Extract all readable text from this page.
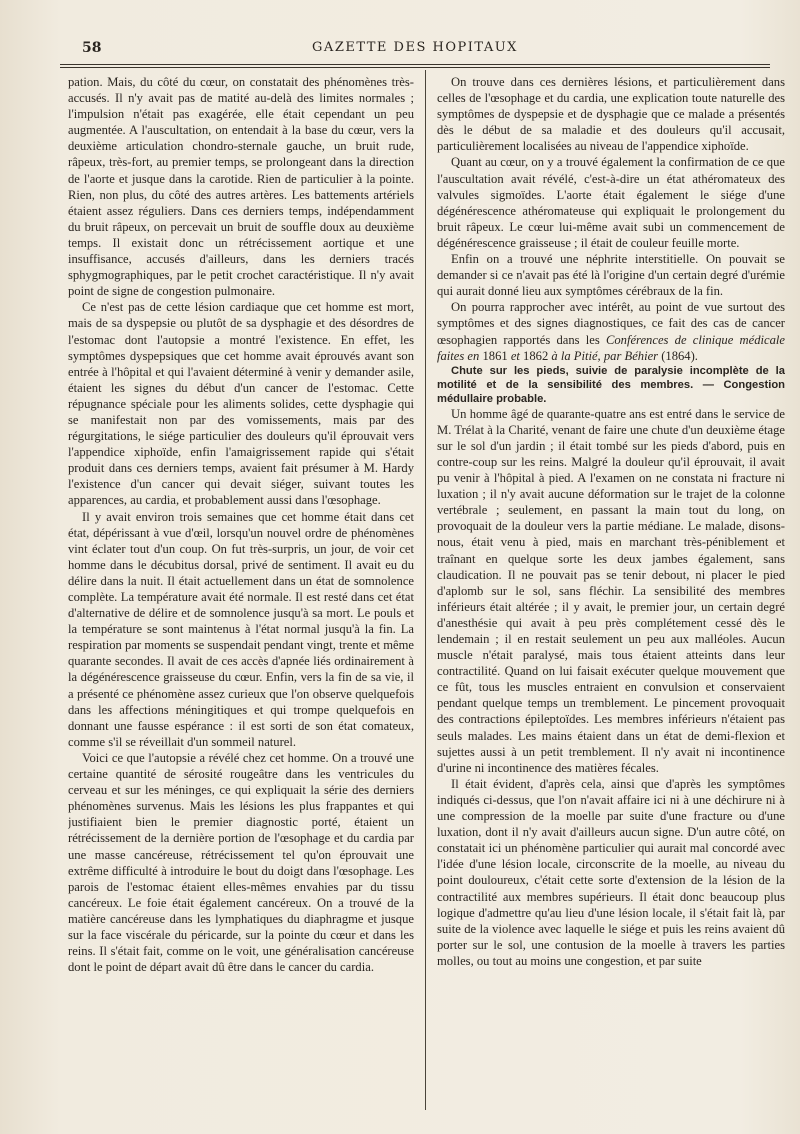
58	GAZETTE DES HOPITAUX

pation. Mais, du côté du cœur, on constatait des phénomènes très-accusés. Il n'y avait pas de matité au-delà des limites normales ; l'impulsion n'était pas exagérée, elle était cependant un peu augmentée. A l'auscultation, on entendait à la base du cœur, vers la deuxième articulation chondro-sternale gauche, un bruit rude, râpeux, très-fort, au premier temps, se prolongeant dans la direction de l'aorte et jusque dans la carotide. Rien de particulier à la pointe. Rien, non plus, du côté des autres artères. Les battements artériels étaient assez réguliers. Dans ces derniers temps, indépendamment du bruit râpeux, on percevait un bruit de souffle doux au deuxième temps. Il existait donc un rétrécissement aortique et une insuffisance, accusés d'ailleurs, dans les derniers tracés sphygmographiques, par le petit crochet caractéristique. Il n'y avait point de signe de congestion pulmonaire.

Ce n'est pas de cette lésion cardiaque que cet homme est mort, mais de sa dyspepsie ou plutôt de sa dysphagie et des désordres de l'estomac dont l'autopsie a montré l'existence. En effet, les symptômes dyspepsiques que cet homme avait éprouvés avant son entrée à l'hôpital et qui l'avaient déterminé à venir y demander asile, étaient les signes du début d'un cancer de l'estomac. Cette répugnance spéciale pour les aliments solides, cette dysphagie qui se manifestait non par des vomissements, mais par des régurgitations, le siége particulier des douleurs qu'il éprouvait vers l'appendice xiphoïde, enfin l'amaigrissement rapide qui s'était produit dans ces derniers temps, avaient fait présumer à M. Hardy l'existence d'un cancer qui devait siéger, suivant toutes les apparences, au cardia, et probablement aussi dans l'œsophage.

Il y avait environ trois semaines que cet homme était dans cet état, dépérissant à vue d'œil, lorsqu'un nouvel ordre de phénomènes vint éclater tout d'un coup. On fut très-surpris, un jour, de voir cet homme dans le décubitus dorsal, privé de sentiment. Il avait eu du délire dans la nuit. Il était actuellement dans un état de somnolence complète. La température avait été normale. Il est resté dans cet état d'alternative de délire et de somnolence jusqu'à sa mort. Le pouls et la température se sont maintenus à l'état normal jusqu'à la fin. La respiration par moments se suspendait pendant vingt, trente et même quarante secondes. Il avait de ces accès d'apnée liés ordinairement à la dégénérescence graisseuse du cœur. Enfin, vers la fin de sa vie, il a présenté ce phénomène assez curieux que l'on observe quelquefois dans les affections méningitiques et qui trompe quelquefois en donnant une fausse espérance : il est sorti de son état comateux, comme s'il se réveillait d'un sommeil naturel.

Voici ce que l'autopsie a révélé chez cet homme. On a trouvé une certaine quantité de sérosité rougeâtre dans les ventricules du cerveau et sur les méninges, ce qui expliquait la série des derniers phénomènes survenus. Mais les lésions les plus frappantes et qui justifiaient bien le premier diagnostic porté, étaient un rétrécissement de la dernière portion de l'œsophage et du cardia par une masse cancéreuse, rétrécissement tel qu'on éprouvait une extrême difficulté à introduire le bout du doigt dans l'œsophage. Les parois de l'estomac étaient elles-mêmes envahies par du tissu cancéreux. Le foie était également cancéreux. On a trouvé de la matière cancéreuse dans les lymphatiques du diaphragme et jusque sur la face viscérale du péricarde, sur la pointe du cœur et dans les reins. Il s'était fait, comme on le voit, une généralisation cancéreuse dont le point de départ avait dû être dans le cancer du cardia.

On trouve dans ces dernières lésions, et particulièrement dans celles de l'œsophage et du cardia, une explication toute naturelle des symptômes de dyspepsie et de dysphagie que ce malade a présentés dès le début de sa maladie et des douleurs qu'il accusait, particulièrement localisées au niveau de l'appendice xiphoïde.

Quant au cœur, on y a trouvé également la confirmation de ce que l'auscultation avait révélé, c'est-à-dire un état athéromateux des valvules sigmoïdes. L'aorte était également le siége d'une dégénérescence athéromateuse qui expliquait le prolongement du bruit râpeux. Le cœur lui-même avait subi un commencement de dégénérescence graisseuse ; il était de couleur feuille morte.

Enfin on a trouvé une néphrite interstitielle. On pouvait se demander si ce n'avait pas été là l'origine d'un certain degré d'urémie qui aurait donné lieu aux symptômes cérébraux de la fin.

On pourra rapprocher avec intérêt, au point de vue surtout des symptômes et des signes diagnostiques, ce fait des cas de cancer œsophagien rapportés dans les Conférences de clinique médicale faites en 1861 et 1862 à la Pitié, par Béhier (1864).

Chute sur les pieds, suivie de paralysie incomplète de la motilité et de la sensibilité des membres. — Congestion médullaire probable.

Un homme âgé de quarante-quatre ans est entré dans le service de M. Trélat à la Charité, venant de faire une chute d'un deuxième étage sur le sol d'un jardin ; il était tombé sur les pieds d'abord, puis en contre-coup sur les reins. Malgré la douleur qu'il éprouvait, il avait pu venir à l'hôpital à pied. A l'examen on ne constata ni fracture ni luxation ; il n'y avait aucune déformation sur le trajet de la colonne vertébrale ; seulement, en passant la main tout du long, on provoquait de la douleur vers la partie médiane. Le malade, disons-nous, était venu à pied, mais en marchant très-péniblement et traînant en quelque sorte les deux jambes également, sans claudication. Il ne pouvait pas se tenir debout, ni placer le pied d'aplomb sur le sol, sans fléchir. La sensibilité des membres inférieurs était altérée ; il y avait, le premier jour, un certain degré d'anesthésie qui avait à peu près complétement cessé dès le lendemain ; il en restait seulement un peu aux malléoles. Aucun muscle n'était paralysé, mais tous étaient atteints dans leur contractilité. Quand on lui faisait exécuter quelque mouvement que ce fût, tous les muscles entraient en convulsion et conservaient pendant quelque temps un tremblement. Le pincement provoquait des contractions épileptoïdes. Les membres inférieurs n'étaient pas seuls malades. Les mains étaient dans un état de demi-flexion et sujettes aussi à un petit tremblement. Il n'y avait ni incontinence d'urine ni incontinence des matières fécales.

Il était évident, d'après cela, ainsi que d'après les symptômes indiqués ci-dessus, que l'on n'avait affaire ici ni à une déchirure ni à une compression de la moelle par suite d'une fracture ou d'une luxation, dont il n'y avait d'ailleurs aucun signe. D'un autre côté, on constatait ici un phénomène particulier qui aurait mal concordé avec l'idée d'une lésion locale, circonscrite de la moelle, au niveau du point douloureux, c'était cette sorte d'extension de la lésion de la contractilité aux membres supérieurs. Il était donc beaucoup plus logique d'admettre qu'au lieu d'une lésion locale, il s'était fait là, par suite de la violence avec laquelle le siége et puis les reins avaient dû porter sur le sol, une contusion de la moelle à travers les parties molles, ou tout au moins une congestion, et par suite
